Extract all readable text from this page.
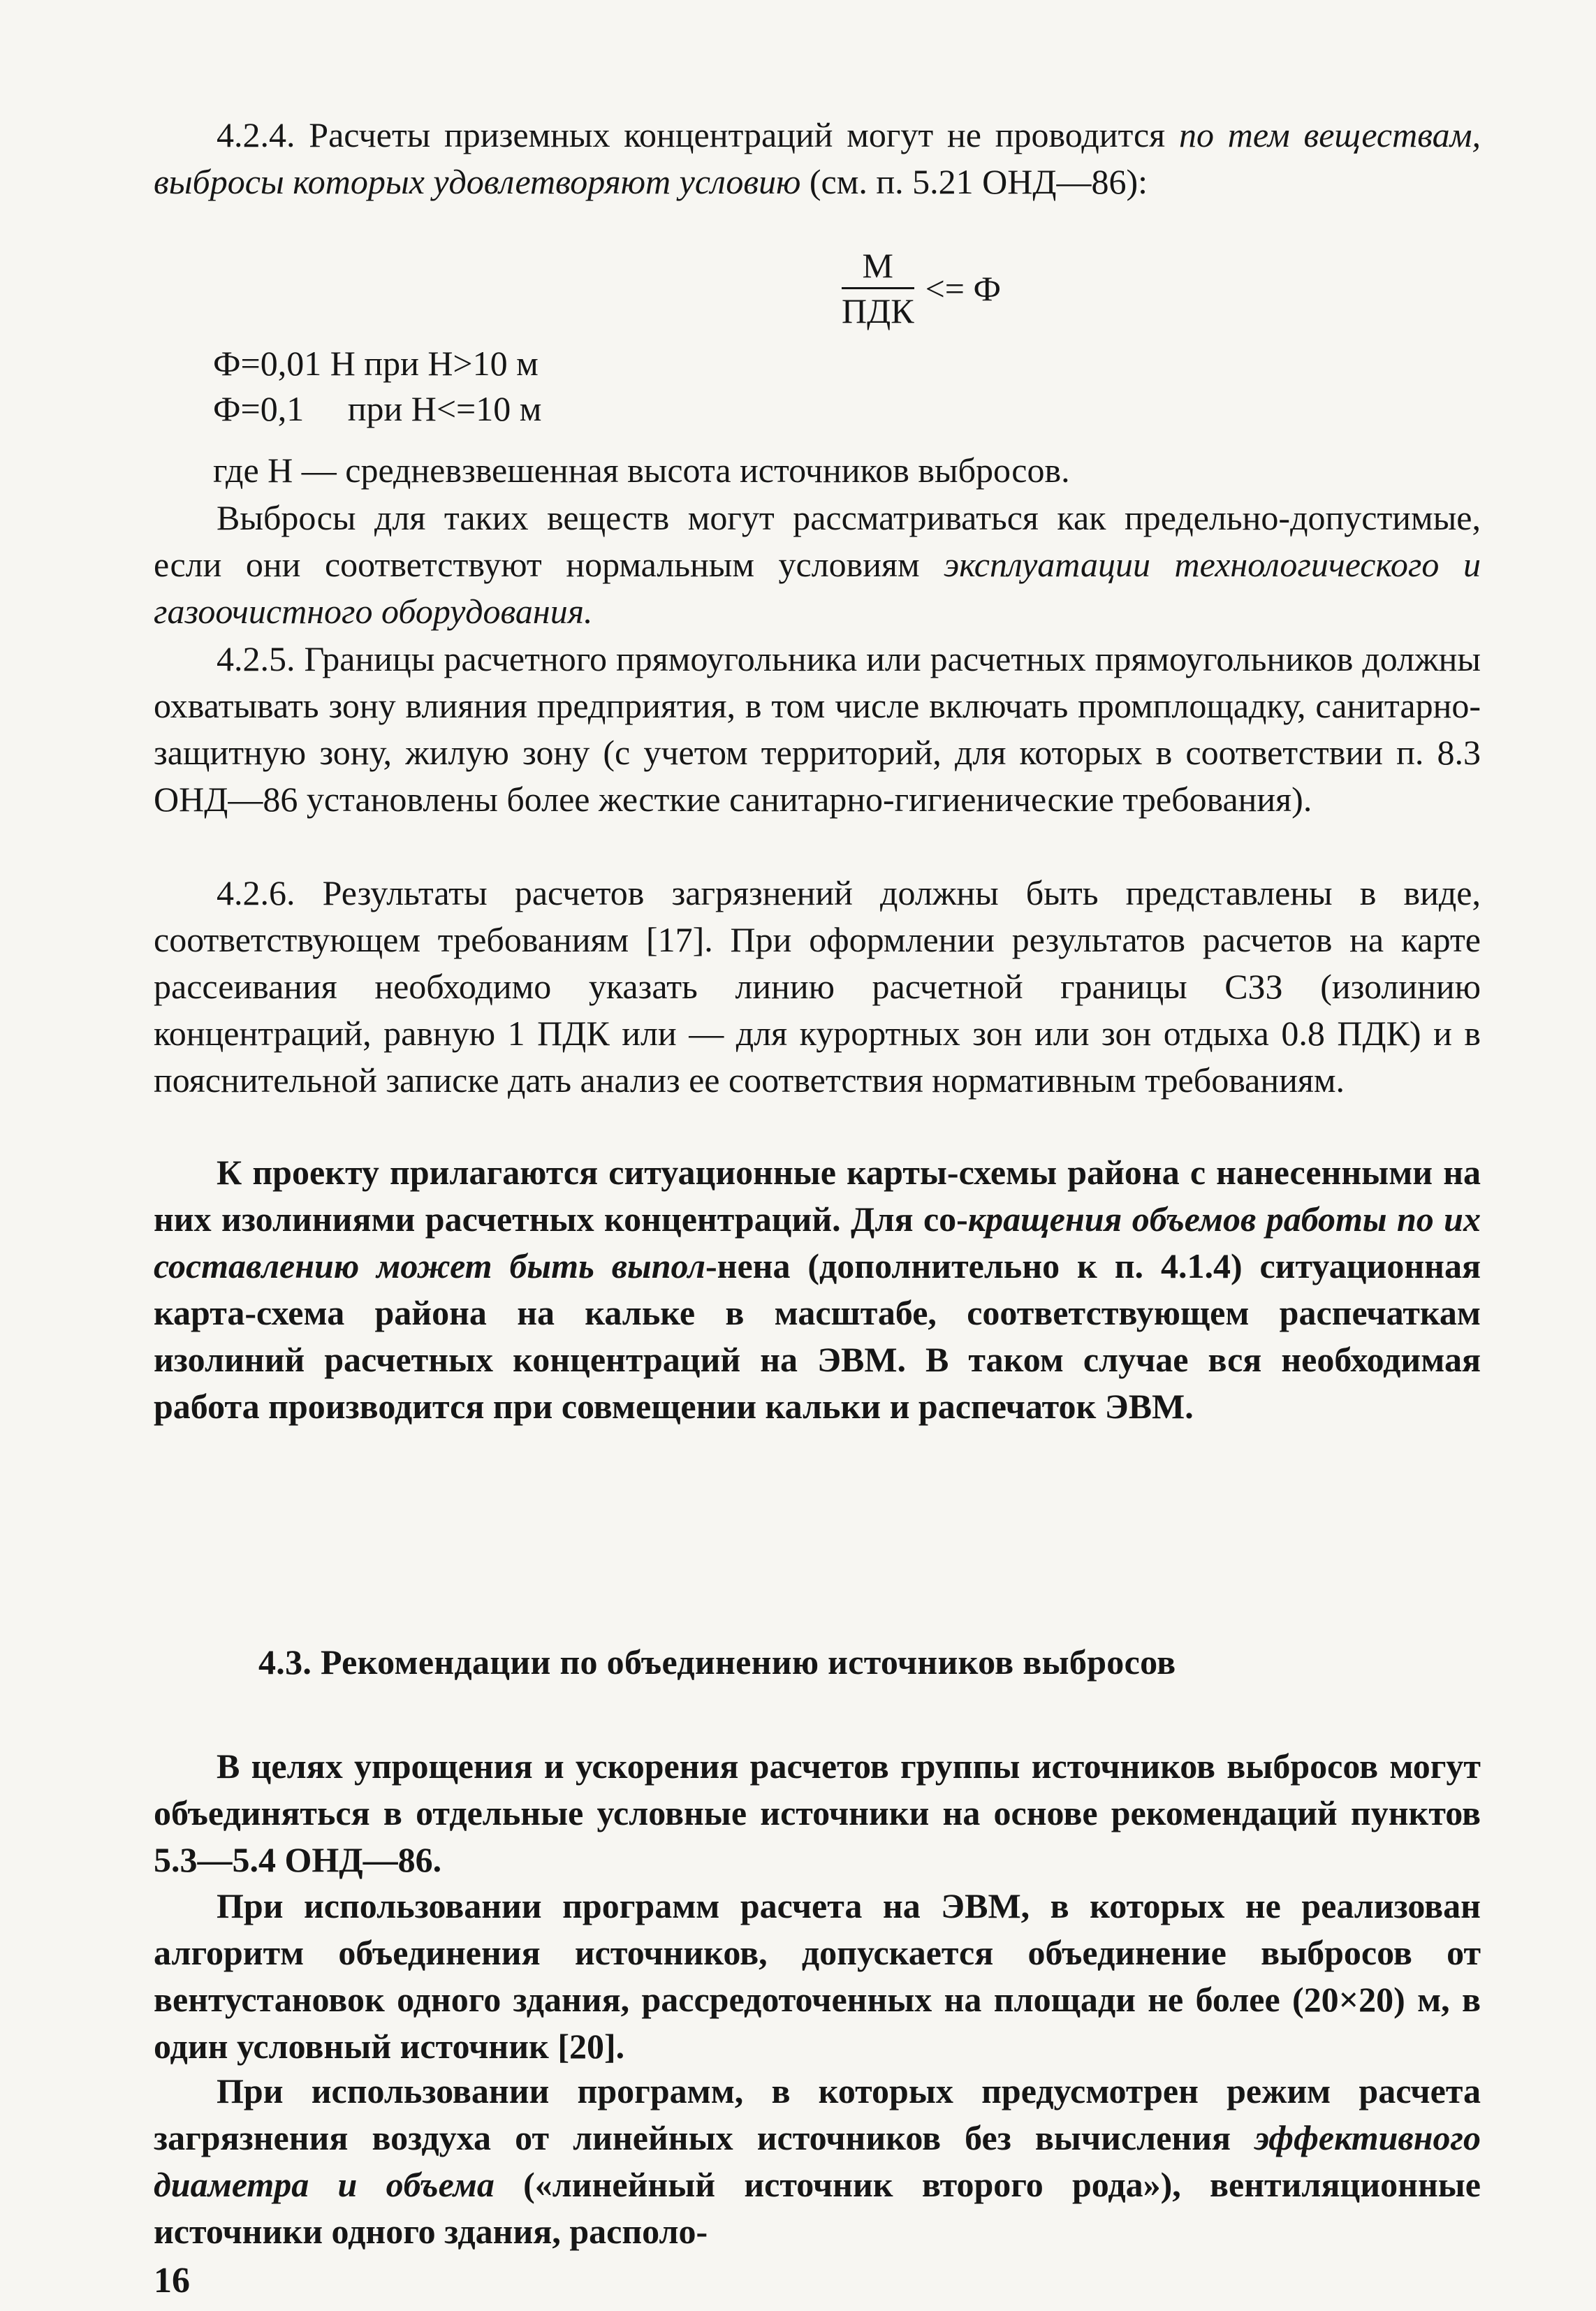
4.2.4. Расчеты приземных концентраций могут не проводится по тем веществам, выбросы которых удовлетворяют условию (см. п. 5.21 ОНД—86):

$\frac{М}{\text{ПДК}} <= Ф$
Ф=0,01 Н при Н>10 м
Ф=0,1     при Н<=10 м

где Н — средневзвешенная высота источников выбросов.

Выбросы для таких веществ могут рассматриваться как предельно-допустимые, если они соответствуют нормальным условиям эксплуатации технологического и газоочистного оборудования.

4.2.5. Границы расчетного прямоугольника или расчетных прямоугольников должны охватывать зону влияния предприятия, в том числе включать промплощадку, санитарно-защитную зону, жилую зону (с учетом территорий, для которых в соответствии п. 8.3 ОНД—86 установлены более жесткие санитарно-гигиенические требования).

4.2.6. Результаты расчетов загрязнений должны быть представлены в виде, соответствующем требованиям [17]. При оформлении результатов расчетов на карте рассеивания необходимо указать линию расчетной границы СЗЗ (изолинию концентраций, равную 1 ПДК или — для курортных зон или зон отдыха 0.8 ПДК) и в пояснительной записке дать анализ ее соответствия нормативным требованиям.

К проекту прилагаются ситуационные карты-схемы района с нанесенными на них изолиниями расчетных концентраций. Для со-кращения объемов работы по их составлению может быть выпол-нена (дополнительно к п. 4.1.4) ситуационная карта-схема района на кальке в масштабе, соответствующем распечаткам изолиний расчетных концентраций на ЭВМ. В таком случае вся необходимая работа производится при совмещении кальки и распечаток ЭВМ.

4.3. Рекомендации по объединению источников выбросов

В целях упрощения и ускорения расчетов группы источников выбросов могут объединяться в отдельные условные источники на основе рекомендаций пунктов 5.3—5.4 ОНД—86.

При использовании программ расчета на ЭВМ, в которых не реализован алгоритм объединения источников, допускается объединение выбросов от вентустановок одного здания, рассредоточенных на площади не более (20×20) м, в один условный источник [20].

При использовании программ, в которых предусмотрен режим расчета загрязнения воздуха от линейных источников без вычисления эффективного диаметра и объема («линейный источник второго рода»), вентиляционные источники одного здания, располо-

16
